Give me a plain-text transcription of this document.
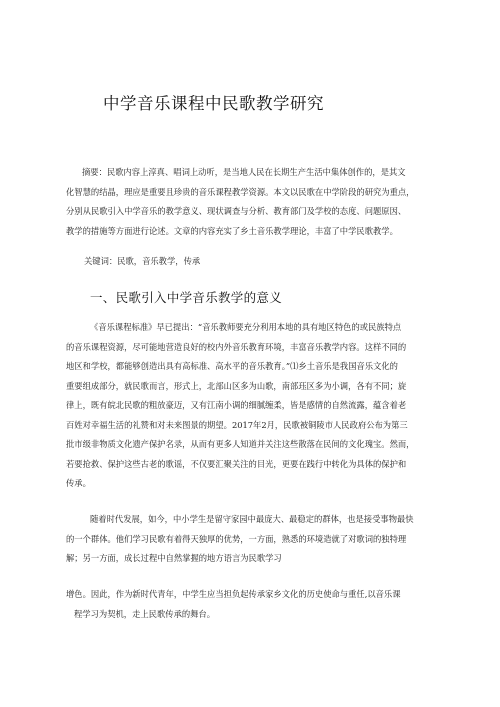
中学音乐课程中民歌教学研究
摘要：民歌内容上淳真、唱词上动听，是当地人民在长期生产生活中集体创作的，是其文
化智慧的结晶，理应是重要且珍贵的音乐课程教学资源。本文以民歌在中学阶段的研究为重点，
分别从民歌引入中学音乐的教学意义、现状调查与分析、教育部门及学校的态度、问题原因、
教学的措施等方面进行论述。文章的内容充实了乡土音乐教学理论，丰富了中学民歌教学。
关键词：民歌，音乐教学，传承
一、民歌引入中学音乐教学的意义
《音乐课程标准》早已提出：“音乐教师要充分利用本地的具有地区特色的或民族特点
的音乐课程资源，尽可能地营造良好的校内外音乐教育环境，丰富音乐教学内容。这样不同的
地区和学校，都能够创造出具有高标准、高水平的音乐教育。”⑴乡土音乐是我国音乐文化的
重要组成部分，就民歌而言，形式上，北部山区多为山歌，南部珏区多为小调，各有不同；旋
律上，既有皖北民歌的粗放豪迈，又有江南小调的细腻缠柔，皆是感情的自然流露，蕴含着老
百姓对幸福生活的礼赞和对未来图景的期望。2017年2月，民歌被铜陵市人民政府公布为第三
批市级非物质文化遗产保护名录，从而有更多人知道并关注这些散落在民间的文化瑰宝。然而，
若要抢救、保护这些古老的歌谣，不仅要汇聚关注的目光，更要在践行中转化为具体的保护和
传承。
随着时代发展，如今，中小学生是留守家园中最庞大、最稳定的群体，也是接受事物最快
的一个群体。他们学习民歌有着得天独厚的优势，一方面，熟悉的环境造就了对歌词的独特理
解；另一方面，成长过程中自然掌握的地方语言为民歌学习
增色。因此，作为新时代青年，中学生应当担负起传承家乡文化的历史使命与重任,以音乐课
程学习为契机，走上民歌传承的舞台。
